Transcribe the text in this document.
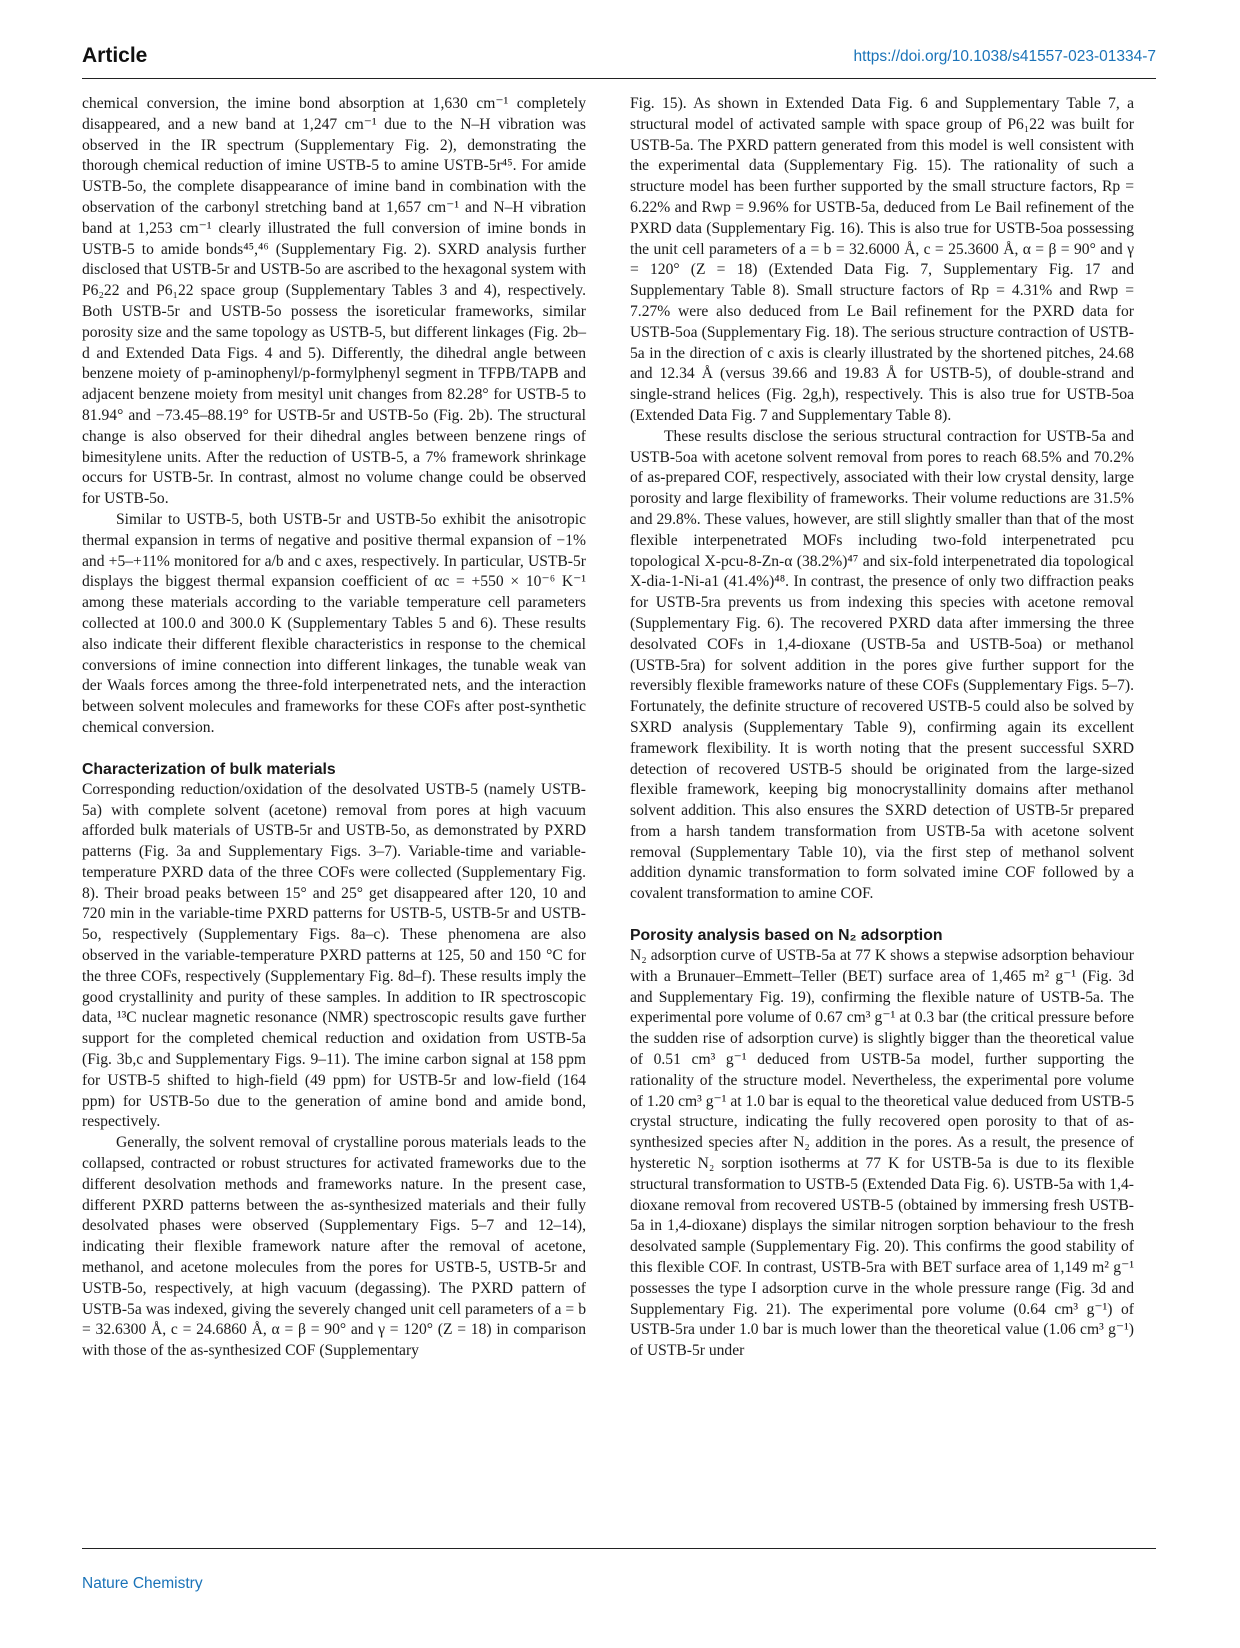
Article	https://doi.org/10.1038/s41557-023-01334-7

chemical conversion, the imine bond absorption at 1,630 cm⁻¹ completely disappeared, and a new band at 1,247 cm⁻¹ due to the N–H vibration was observed in the IR spectrum (Supplementary Fig. 2), demonstrating the thorough chemical reduction of imine USTB-5 to amine USTB-5r⁴⁵. For amide USTB-5o, the complete disappearance of imine band in combination with the observation of the carbonyl stretching band at 1,657 cm⁻¹ and N–H vibration band at 1,253 cm⁻¹ clearly illustrated the full conversion of imine bonds in USTB-5 to amide bonds⁴⁵,⁴⁶ (Supplementary Fig. 2). SXRD analysis further disclosed that USTB-5r and USTB-5o are ascribed to the hexagonal system with P6₂22 and P6₁22 space group (Supplementary Tables 3 and 4), respectively. Both USTB-5r and USTB-5o possess the isoreticular frameworks, similar porosity size and the same topology as USTB-5, but different linkages (Fig. 2b–d and Extended Data Figs. 4 and 5). Differently, the dihedral angle between benzene moiety of p-aminophenyl/p-formylphenyl segment in TFPB/TAPB and adjacent benzene moiety from mesityl unit changes from 82.28° for USTB-5 to 81.94° and −73.45–88.19° for USTB-5r and USTB-5o (Fig. 2b). The structural change is also observed for their dihedral angles between benzene rings of bimesitylene units. After the reduction of USTB-5, a 7% framework shrinkage occurs for USTB-5r. In contrast, almost no volume change could be observed for USTB-5o.

Similar to USTB-5, both USTB-5r and USTB-5o exhibit the anisotropic thermal expansion in terms of negative and positive thermal expansion of −1% and +5–+11% monitored for a/b and c axes, respectively. In particular, USTB-5r displays the biggest thermal expansion coefficient of αc = +550 × 10⁻⁶ K⁻¹ among these materials according to the variable temperature cell parameters collected at 100.0 and 300.0 K (Supplementary Tables 5 and 6). These results also indicate their different flexible characteristics in response to the chemical conversions of imine connection into different linkages, the tunable weak van der Waals forces among the three-fold interpenetrated nets, and the interaction between solvent molecules and frameworks for these COFs after post-synthetic chemical conversion.

Characterization of bulk materials

Corresponding reduction/oxidation of the desolvated USTB-5 (namely USTB-5a) with complete solvent (acetone) removal from pores at high vacuum afforded bulk materials of USTB-5r and USTB-5o, as demonstrated by PXRD patterns (Fig. 3a and Supplementary Figs. 3–7). Variable-time and variable-temperature PXRD data of the three COFs were collected (Supplementary Fig. 8). Their broad peaks between 15° and 25° get disappeared after 120, 10 and 720 min in the variable-time PXRD patterns for USTB-5, USTB-5r and USTB-5o, respectively (Supplementary Figs. 8a–c). These phenomena are also observed in the variable-temperature PXRD patterns at 125, 50 and 150 °C for the three COFs, respectively (Supplementary Fig. 8d–f). These results imply the good crystallinity and purity of these samples. In addition to IR spectroscopic data, ¹³C nuclear magnetic resonance (NMR) spectroscopic results gave further support for the completed chemical reduction and oxidation from USTB-5a (Fig. 3b,c and Supplementary Figs. 9–11). The imine carbon signal at 158 ppm for USTB-5 shifted to high-field (49 ppm) for USTB-5r and low-field (164 ppm) for USTB-5o due to the generation of amine bond and amide bond, respectively.

Generally, the solvent removal of crystalline porous materials leads to the collapsed, contracted or robust structures for activated frameworks due to the different desolvation methods and frameworks nature. In the present case, different PXRD patterns between the as-synthesized materials and their fully desolvated phases were observed (Supplementary Figs. 5–7 and 12–14), indicating their flexible framework nature after the removal of acetone, methanol, and acetone molecules from the pores for USTB-5, USTB-5r and USTB-5o, respectively, at high vacuum (degassing). The PXRD pattern of USTB-5a was indexed, giving the severely changed unit cell parameters of a = b = 32.6300 Å, c = 24.6860 Å, α = β = 90° and γ = 120° (Z = 18) in comparison with those of the as-synthesized COF (Supplementary

Fig. 15). As shown in Extended Data Fig. 6 and Supplementary Table 7, a structural model of activated sample with space group of P6₁22 was built for USTB-5a. The PXRD pattern generated from this model is well consistent with the experimental data (Supplementary Fig. 15). The rationality of such a structure model has been further supported by the small structure factors, Rp = 6.22% and Rwp = 9.96% for USTB-5a, deduced from Le Bail refinement of the PXRD data (Supplementary Fig. 16). This is also true for USTB-5oa possessing the unit cell parameters of a = b = 32.6000 Å, c = 25.3600 Å, α = β = 90° and γ = 120° (Z = 18) (Extended Data Fig. 7, Supplementary Fig. 17 and Supplementary Table 8). Small structure factors of Rp = 4.31% and Rwp = 7.27% were also deduced from Le Bail refinement for the PXRD data for USTB-5oa (Supplementary Fig. 18). The serious structure contraction of USTB-5a in the direction of c axis is clearly illustrated by the shortened pitches, 24.68 and 12.34 Å (versus 39.66 and 19.83 Å for USTB-5), of double-strand and single-strand helices (Fig. 2g,h), respectively. This is also true for USTB-5oa (Extended Data Fig. 7 and Supplementary Table 8).

These results disclose the serious structural contraction for USTB-5a and USTB-5oa with acetone solvent removal from pores to reach 68.5% and 70.2% of as-prepared COF, respectively, associated with their low crystal density, large porosity and large flexibility of frameworks. Their volume reductions are 31.5% and 29.8%. These values, however, are still slightly smaller than that of the most flexible interpenetrated MOFs including two-fold interpenetrated pcu topological X-pcu-8-Zn-α (38.2%)⁴⁷ and six-fold interpenetrated dia topological X-dia-1-Ni-a1 (41.4%)⁴⁸. In contrast, the presence of only two diffraction peaks for USTB-5ra prevents us from indexing this species with acetone removal (Supplementary Fig. 6). The recovered PXRD data after immersing the three desolvated COFs in 1,4-dioxane (USTB-5a and USTB-5oa) or methanol (USTB-5ra) for solvent addition in the pores give further support for the reversibly flexible frameworks nature of these COFs (Supplementary Figs. 5–7). Fortunately, the definite structure of recovered USTB-5 could also be solved by SXRD analysis (Supplementary Table 9), confirming again its excellent framework flexibility. It is worth noting that the present successful SXRD detection of recovered USTB-5 should be originated from the large-sized flexible framework, keeping big monocrystallinity domains after methanol solvent addition. This also ensures the SXRD detection of USTB-5r prepared from a harsh tandem transformation from USTB-5a with acetone solvent removal (Supplementary Table 10), via the first step of methanol solvent addition dynamic transformation to form solvated imine COF followed by a covalent transformation to amine COF.

Porosity analysis based on N₂ adsorption

N₂ adsorption curve of USTB-5a at 77 K shows a stepwise adsorption behaviour with a Brunauer–Emmett–Teller (BET) surface area of 1,465 m² g⁻¹ (Fig. 3d and Supplementary Fig. 19), confirming the flexible nature of USTB-5a. The experimental pore volume of 0.67 cm³ g⁻¹ at 0.3 bar (the critical pressure before the sudden rise of adsorption curve) is slightly bigger than the theoretical value of 0.51 cm³ g⁻¹ deduced from USTB-5a model, further supporting the rationality of the structure model. Nevertheless, the experimental pore volume of 1.20 cm³ g⁻¹ at 1.0 bar is equal to the theoretical value deduced from USTB-5 crystal structure, indicating the fully recovered open porosity to that of as-synthesized species after N₂ addition in the pores. As a result, the presence of hysteretic N₂ sorption isotherms at 77 K for USTB-5a is due to its flexible structural transformation to USTB-5 (Extended Data Fig. 6). USTB-5a with 1,4-dioxane removal from recovered USTB-5 (obtained by immersing fresh USTB-5a in 1,4-dioxane) displays the similar nitrogen sorption behaviour to the fresh desolvated sample (Supplementary Fig. 20). This confirms the good stability of this flexible COF. In contrast, USTB-5ra with BET surface area of 1,149 m² g⁻¹ possesses the type I adsorption curve in the whole pressure range (Fig. 3d and Supplementary Fig. 21). The experimental pore volume (0.64 cm³ g⁻¹) of USTB-5ra under 1.0 bar is much lower than the theoretical value (1.06 cm³ g⁻¹) of USTB-5r under

Nature Chemistry
